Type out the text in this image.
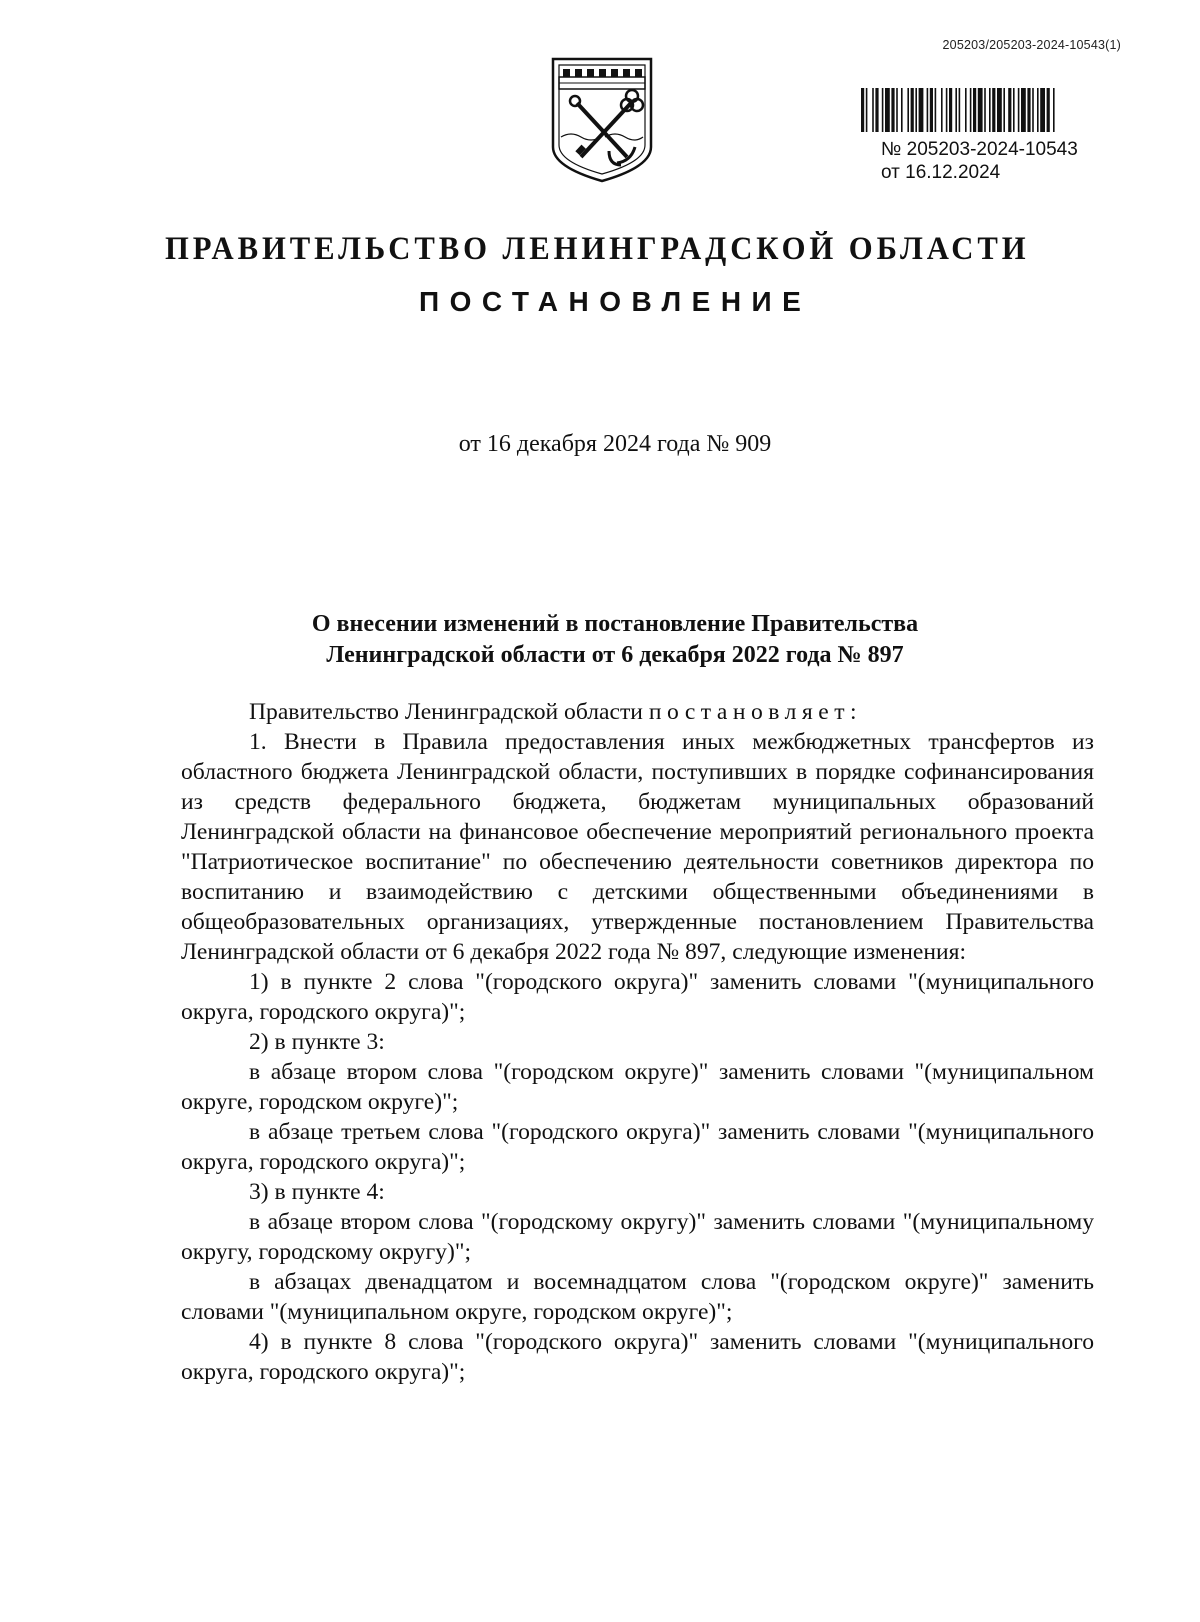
205203/205203-2024-10543(1)
№ 205203-2024-10543
от 16.12.2024
ПРАВИТЕЛЬСТВО ЛЕНИНГРАДСКОЙ ОБЛАСТИ
ПОСТАНОВЛЕНИЕ
от 16 декабря 2024 года № 909
О внесении изменений в постановление Правительства
Ленинградской области от 6 декабря 2022 года № 897

Правительство Ленинградской области постановляет:

1. Внести в Правила предоставления иных межбюджетных трансфертов из областного бюджета Ленинградской области, поступивших в порядке софинансирования из средств федерального бюджета, бюджетам муниципальных образований Ленинградской области на финансовое обеспечение мероприятий регионального проекта "Патриотическое воспитание" по обеспечению деятельности советников директора по воспитанию и взаимодействию с детскими общественными объединениями в общеобразовательных организациях, утвержденные постановлением Правительства Ленинградской области от 6 декабря 2022 года № 897, следующие изменения:

1) в пункте 2 слова "(городского округа)" заменить словами "(муниципального округа, городского округа)";

2) в пункте 3:

в абзаце втором слова "(городском округе)" заменить словами "(муниципальном округе, городском округе)";

в абзаце третьем слова "(городского округа)" заменить словами "(муниципального округа, городского округа)";

3) в пункте 4:

в абзаце втором слова "(городскому округу)" заменить словами "(муниципальному округу, городскому округу)";

в абзацах двенадцатом и восемнадцатом слова "(городском округе)" заменить словами "(муниципальном округе, городском округе)";

4) в пункте 8 слова "(городского округа)" заменить словами "(муниципального округа, городского округа)";
